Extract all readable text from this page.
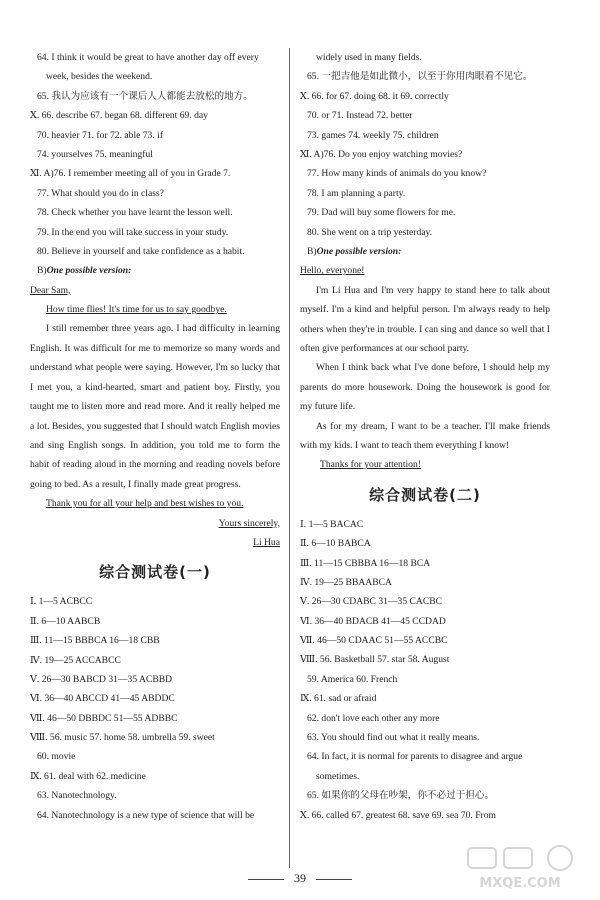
64. I think it would be great to have another day off every
week, besides the weekend.
65. 我认为应该有一个课后人人都能去放松的地方。
Ⅹ. 66. describe 67. began 68. different 69. day
70. heavier 71. for 72. able 73. if
74. yourselves 75. meaningful
Ⅺ. A)76. I remember meeting all of you in Grade 7.
77. What should you do in class?
78. Check whether you have learnt the lesson well.
79. In the end you will take success in your study.
80. Believe in yourself and take confidence as a habit.
B)One possible version:
Dear Sam,
How time flies! It's time for us to say goodbye.
I still remember three years ago. I had difficulty in learning English. It was difficult for me to memorize so many words and understand what people were saying. However, I'm so lucky that I met you, a kind-hearted, smart and patient boy. Firstly, you taught me to listen more and read more. And it really helped me a lot. Besides, you suggested that I should watch English movies and sing English songs. In addition, you told me to form the habit of reading aloud in the morning and reading novels before going to bed. As a result, I finally made great progress.
Thank you for all your help and best wishes to you.
Yours sincerely,
Li Hua
综合测试卷(一)
Ⅰ. 1—5 ACBCC
Ⅱ. 6—10 AABCB
Ⅲ. 11—15 BBBCA 16—18 CBB
Ⅳ. 19—25 ACCABCC
Ⅴ. 26—30 BABCD 31—35 ACBBD
Ⅵ. 36—40 ABCCD 41—45 ABDDC
Ⅶ. 46—50 DBBDC 51—55 ADBBC
Ⅷ. 56. music 57. home 58. umbrella 59. sweet
60. movie
Ⅸ. 61. deal with 62. medicine
63. Nanotechnology.
64. Nanotechnology is a new type of science that will be
widely used in many fields.
65. 一把吉他是如此微小，以至于你用肉眼看不见它。
Ⅹ. 66. for 67. doing 68. it 69. correctly
70. or 71. Instead 72. better
73. games 74. weekly 75. children
Ⅺ. A)76. Do you enjoy watching movies?
77. How many kinds of animals do you know?
78. I am planning a party.
79. Dad will buy some flowers for me.
80. She went on a trip yesterday.
B)One possible version:
Hello, everyone!
I'm Li Hua and I'm very happy to stand here to talk about myself. I'm a kind and helpful person. I'm always ready to help others when they're in trouble. I can sing and dance so well that I often give performances at our school party.
When I think back what I've done before, I should help my parents do more housework. Doing the housework is good for my future life.
As for my dream, I want to be a teacher. I'll make friends with my kids. I want to teach them everything I know!
Thanks for your attention!
综合测试卷(二)
Ⅰ. 1—5 BACAC
Ⅱ. 6—10 BABCA
Ⅲ. 11—15 CBBBA 16—18 BCA
Ⅳ. 19—25 BBAABCA
Ⅴ. 26—30 CDABC 31—35 CACBC
Ⅵ. 36—40 BDACB 41—45 CCDAD
Ⅶ. 46—50 CDAAC 51—55 ACCBC
Ⅷ. 56. Basketball 57. star 58. August
59. America 60. French
Ⅸ. 61. sad or afraid
62. don't love each other any more
63. You should find out what it really means.
64. In fact, it is normal for parents to disagree and argue
sometimes.
65. 如果你的父母在吵架，你不必过于担心。
Ⅹ. 66. called 67. greatest 68. save 69. sea 70. From
39	MXQE.COM
